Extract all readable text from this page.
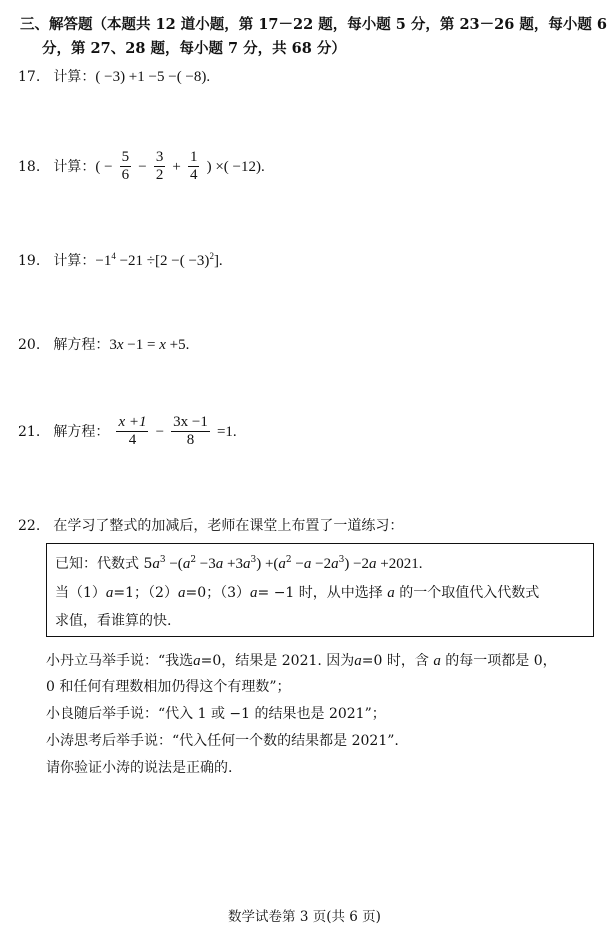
三、解答题（本题共 12 道小题，第 17－22 题，每小题 5 分，第 23－26 题，每小题 6
分，第 27、28 题，每小题 7 分，共 68 分）
17. 计算：( −3) +1 −5 −( −8).
18. 计算：( − $\frac{5}{6} - \frac{3}{2} + \frac{1}{4}$ ) ×( −12).
19. 计算：$-1^4 -21 \div[2$ −( −3)$^2$].
20. 解方程：3x −1 = x +5.
21. 解方程： $\frac{x +1}{4} - \frac{3x -1}{8} =1$.
22. 在学习了整式的加减后，老师在课堂上布置了一道练习：
已知：代数式 $5a^3 -(a^2 -3a +3a^3) +(a^2 -a -2a^3) -2a +2021$.
当（1）a=1；（2）a=0；（3）a= −1 时，从中选择 a 的一个取值代入代数式
求值，看谁算的快.
小丹立马举手说：“我选a=0，结果是 2021. 因为a=0 时，含 a 的每一项都是 0，
0 和任何有理数相加仍得这个有理数”；
小良随后举手说：“代入 1 或 −1 的结果也是 2021”；
小涛思考后举手说：“代入任何一个数的结果都是 2021”.
请你验证小涛的说法是正确的.
数学试卷第 3 页(共 6 页)
